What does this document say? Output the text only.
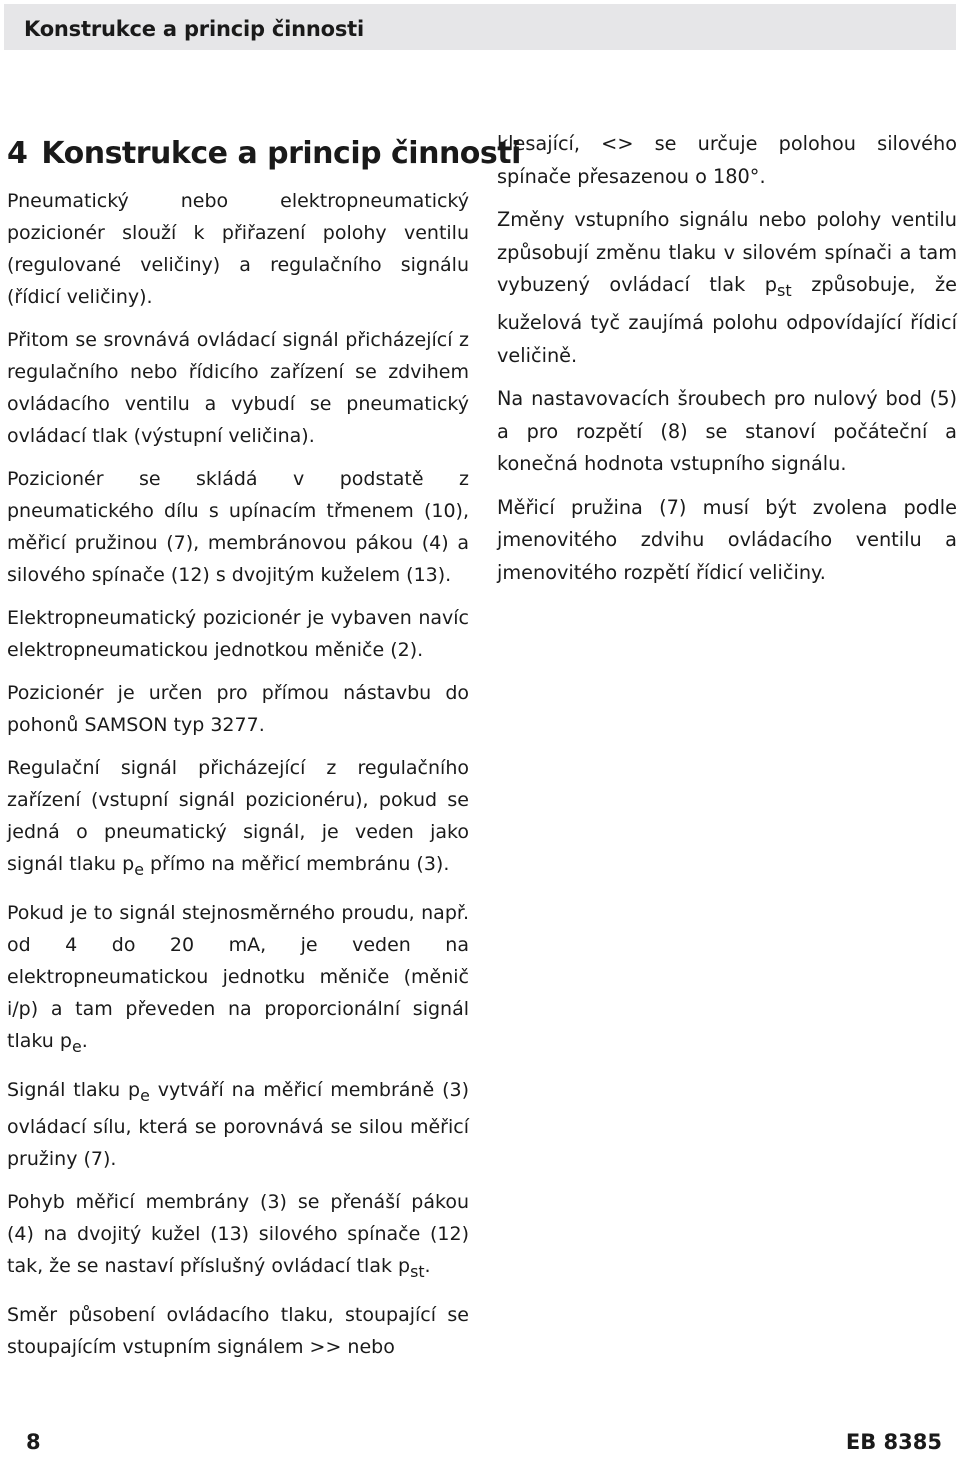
Konstrukce a princip činnosti
4 Konstrukce a princip činnosti

Pneumatický nebo elektropneumatický pozicionér slouží k přiřazení polohy ventilu (regulované veličiny) a regulačního signálu (řídicí veličiny).

Přitom se srovnává ovládací signál přicházející z regulačního nebo řídicího zařízení se zdvihem ovládacího ventilu a vybudí se pneumatický ovládací tlak (výstupní veličina).

Pozicionér se skládá v podstatě z pneumatického dílu s upínacím třmenem (10), měřicí pružinou (7), membránovou pákou (4) a silového spínače (12) s dvojitým kuželem (13).

Elektropneumatický pozicionér je vybaven navíc elektropneumatickou jednotkou měniče (2).

Pozicionér je určen pro přímou nástavbu do pohonů SAMSON typ 3277.

Regulační signál přicházející z regulačního zařízení (vstupní signál pozicionéru), pokud se jedná o pneumatický signál, je veden jako signál tlaku $p_e$ přímo na měřicí membránu (3).

Pokud je to signál stejnosměrného proudu, např. od 4 do 20 mA, je veden na elektropneumatickou jednotku měniče (měnič i/p) a tam převeden na proporcionální signál tlaku $p_e$.

Signál tlaku $p_e$ vytváří na měřicí membráně (3) ovládací sílu, která se porovnává se silou měřicí pružiny (7).

Pohyb měřicí membrány (3) se přenáší pákou (4) na dvojitý kužel (13) silového spínače (12) tak, že se nastaví příslušný ovládací tlak $p_{st}$.

Směr působení ovládacího tlaku, stoupající se stoupajícím vstupním signálem >> nebo

klesající, <> se určuje polohou silového spínače přesazenou o 180°.

Změny vstupního signálu nebo polohy ventilu způsobují změnu tlaku v silovém spínači a tam vybuzený ovládací tlak $p_{st}$ způsobuje, že kuželová tyč zaujímá polohu odpovídající řídicí veličině.

Na nastavovacích šroubech pro nulový bod (5) a pro rozpětí (8) se stanoví počáteční a konečná hodnota vstupního signálu.

Měřicí pružina (7) musí být zvolena podle jmenovitého zdvihu ovládacího ventilu a jmenovitého rozpětí řídicí veličiny.

8	EB 8385
